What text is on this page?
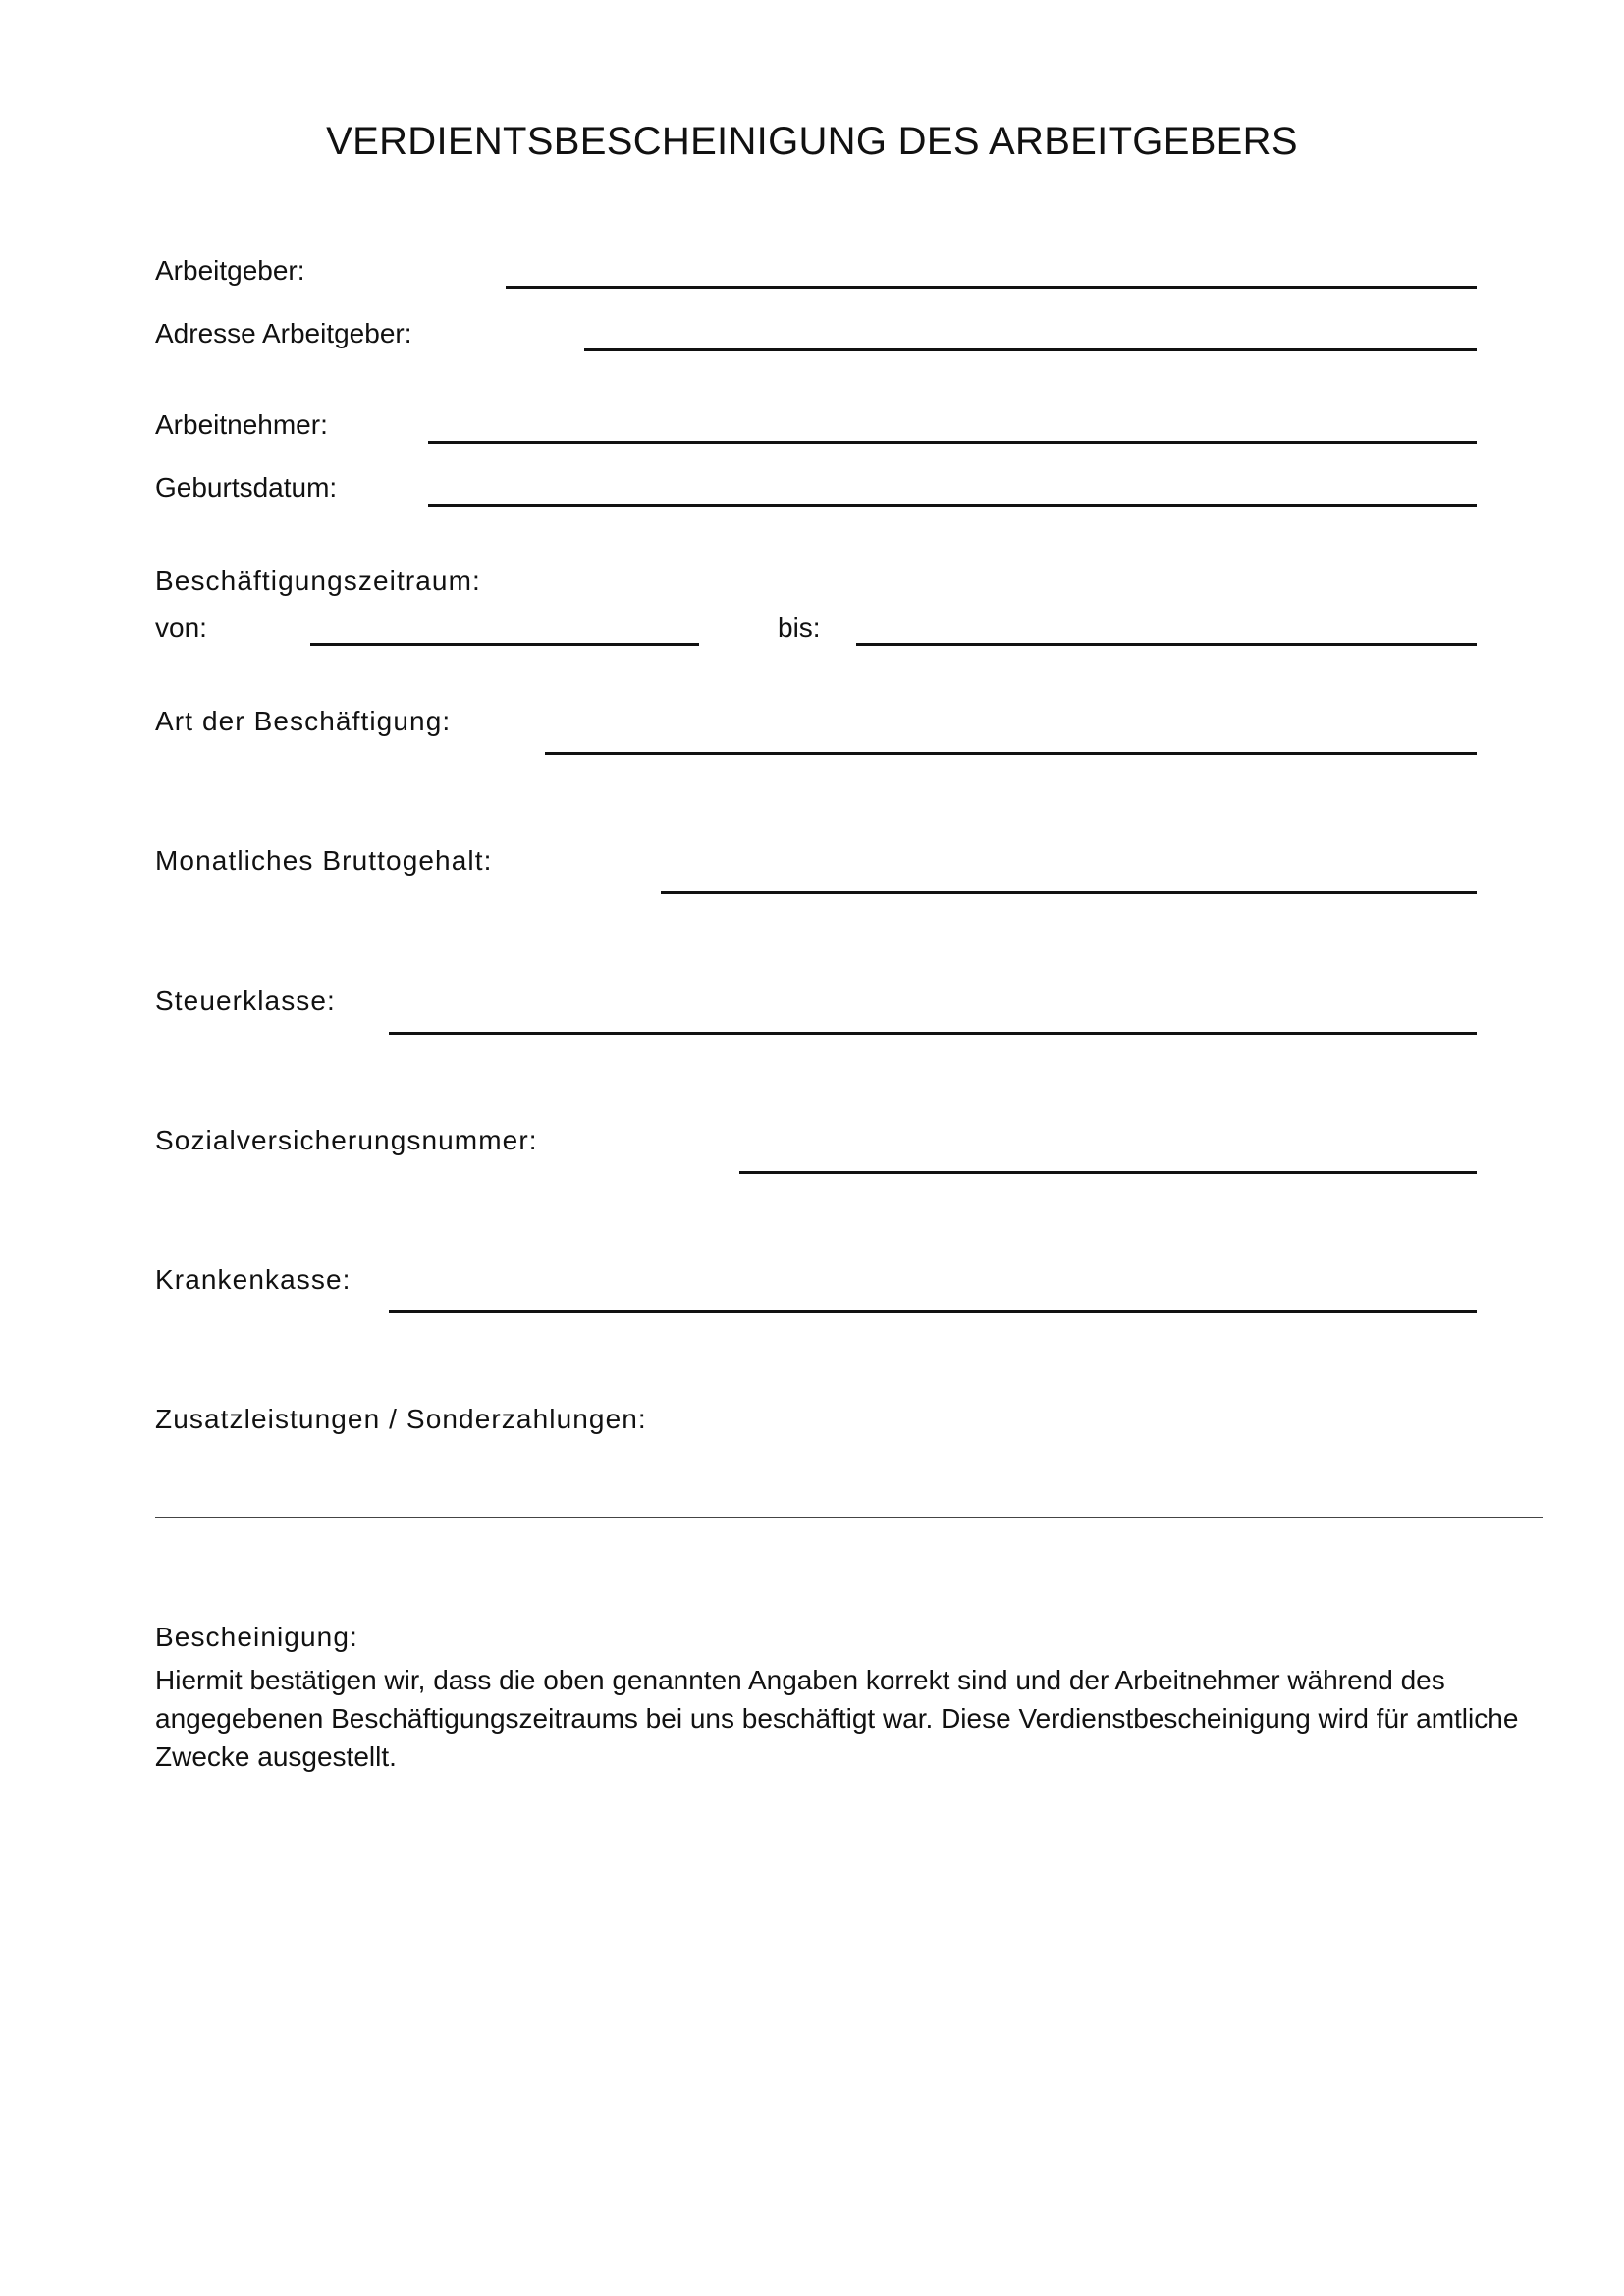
VERDIENTSBESCHEINIGUNG DES ARBEITGEBERS
Arbeitgeber:
Adresse Arbeitgeber:
Arbeitnehmer:
Geburtsdatum:
Beschäftigungszeitraum:
von:	bis:
Art der Beschäftigung:
Monatliches Bruttogehalt:
Steuerklasse:
Sozialversicherungsnummer:
Krankenkasse:
Zusatzleistungen / Sonderzahlungen:
Bescheinigung:

Hiermit bestätigen wir, dass die oben genannten Angaben korrekt sind und der Arbeitnehmer während des angegebenen Beschäftigungszeitraums bei uns beschäftigt war. Diese Verdienstbescheinigung wird für amtliche Zwecke ausgestellt.
